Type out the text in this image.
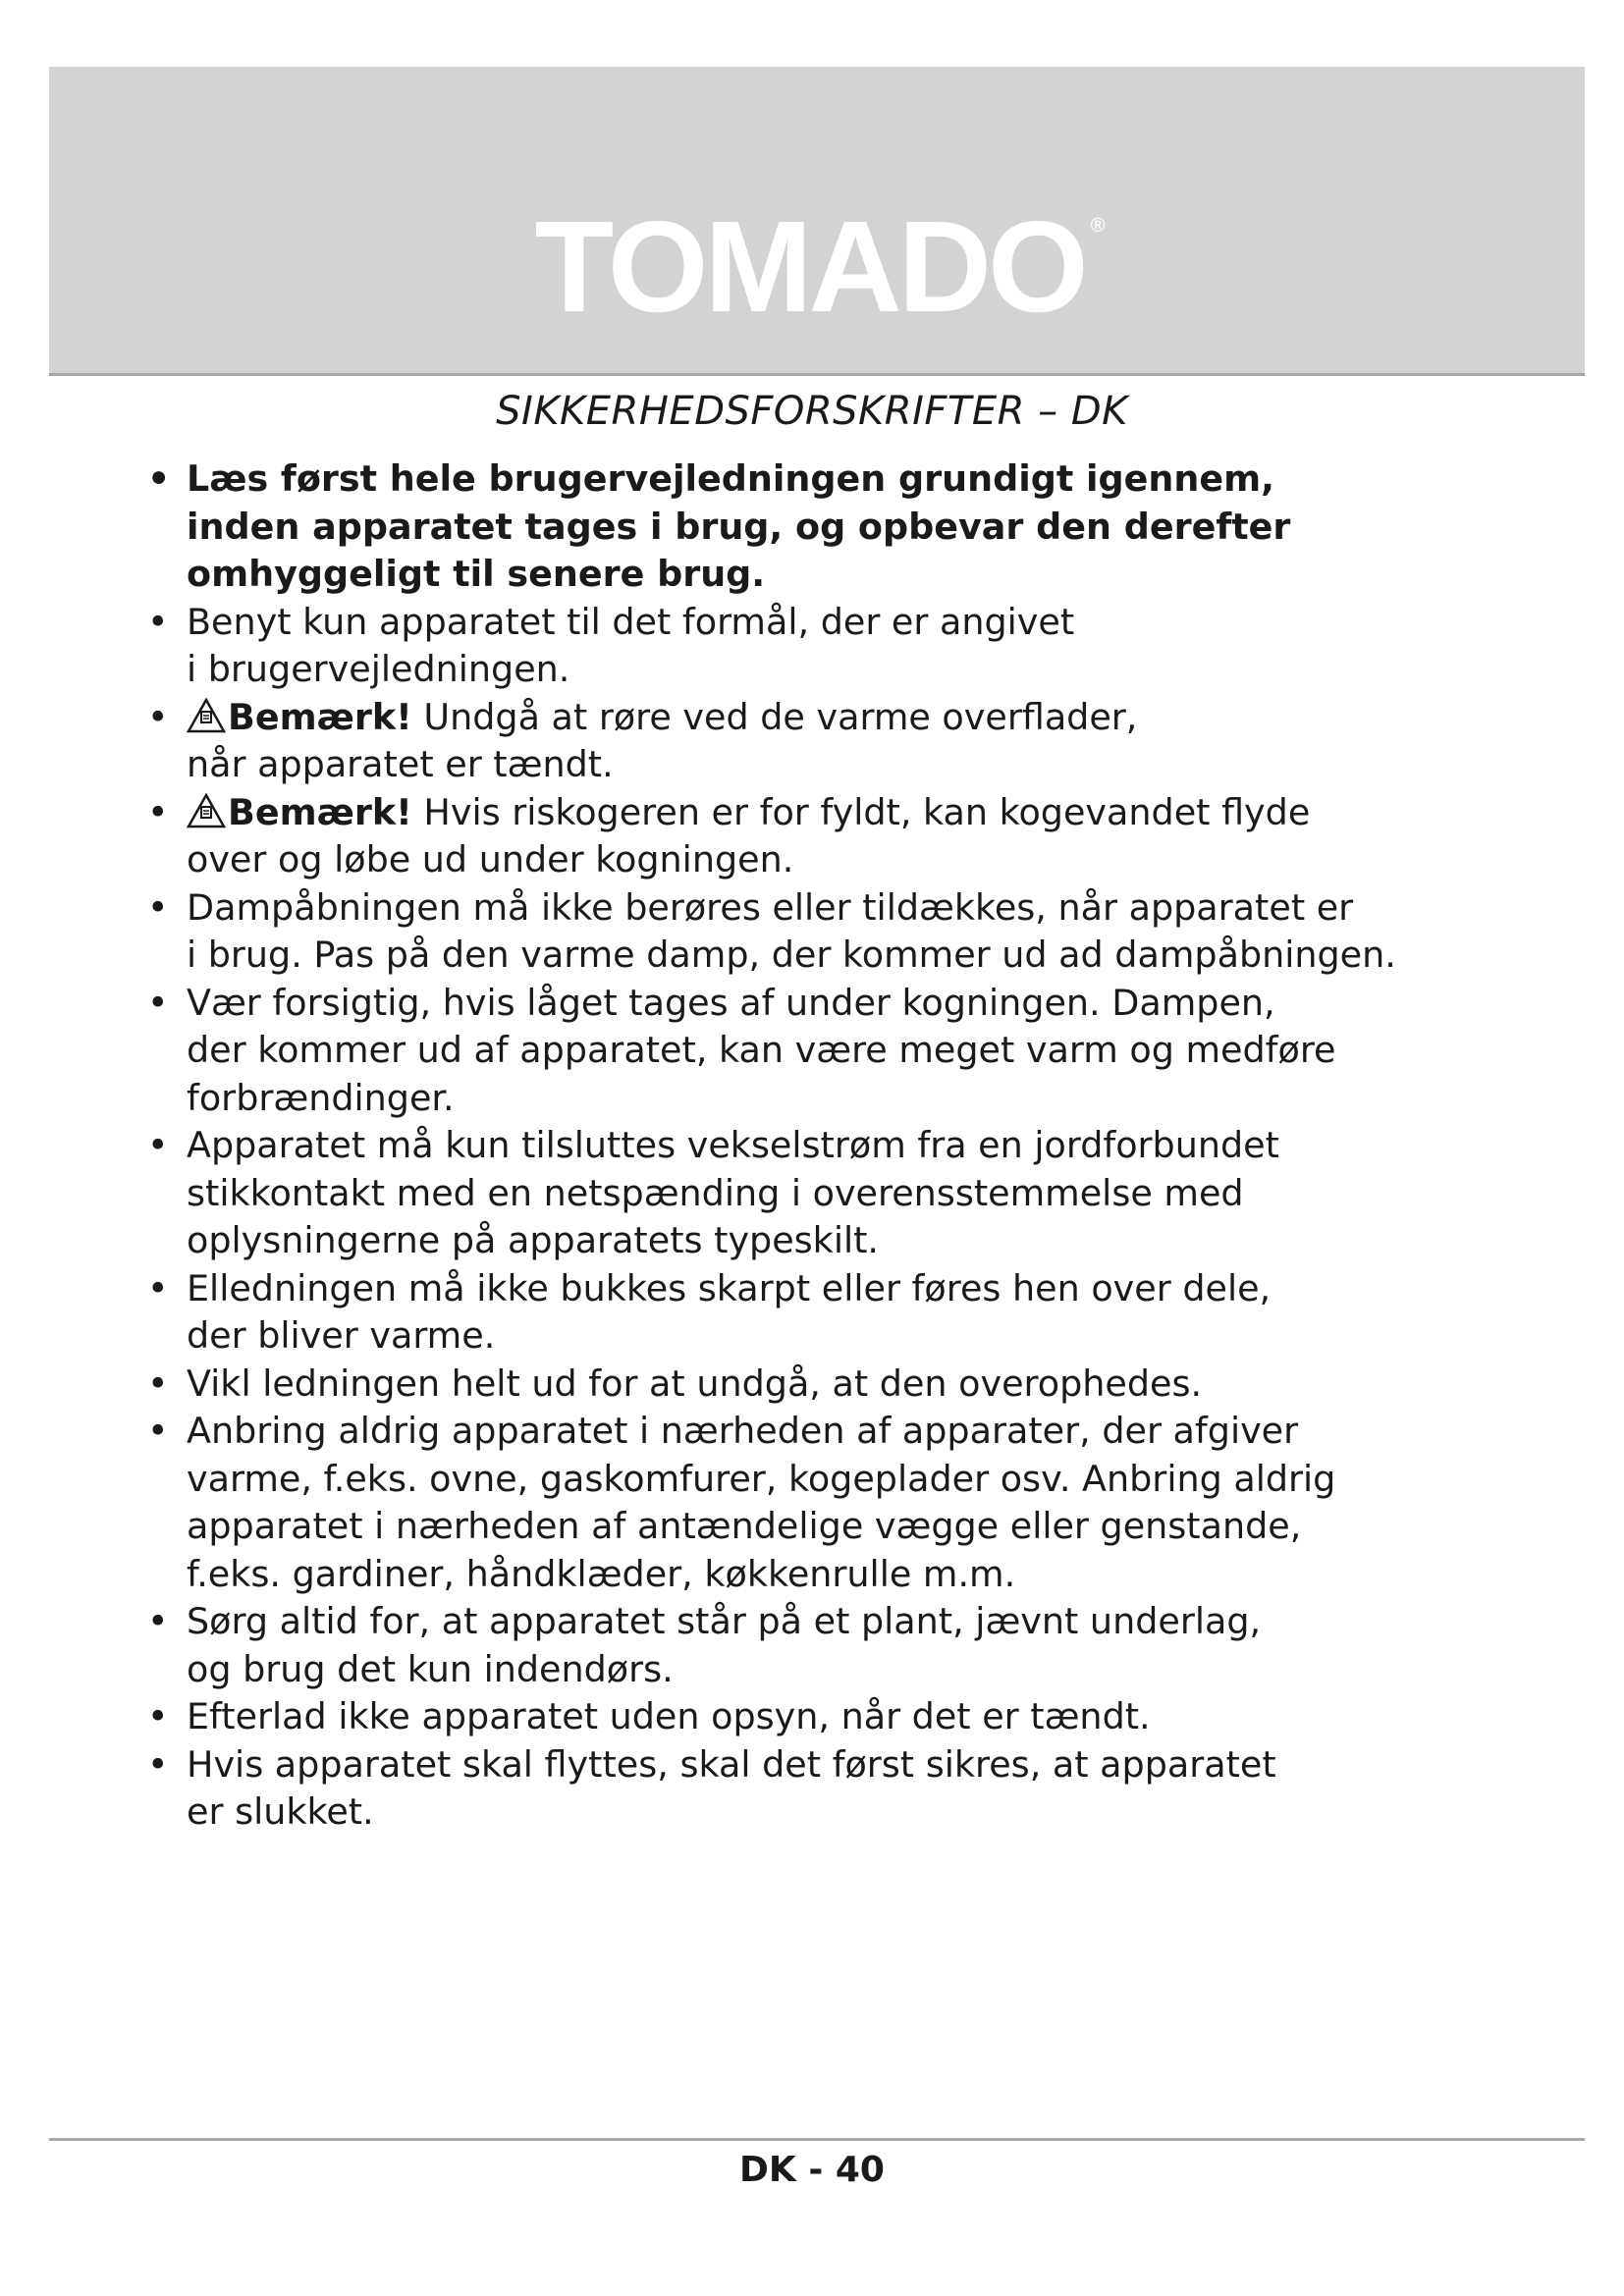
TOMADO ®
SIKKERHEDSFORSKRIFTER – DK
• Læs først hele brugervejledningen grundigt igennem,
inden apparatet tages i brug, og opbevar den derefter
omhyggeligt til senere brug.
• Benyt kun apparatet til det formål, der er angivet
i brugervejledningen.
• Bemærk! Undgå at røre ved de varme overflader,
når apparatet er tændt.
• Bemærk! Hvis riskogeren er for fyldt, kan kogevandet flyde
over og løbe ud under kogningen.
• Dampåbningen må ikke berøres eller tildækkes, når apparatet er
i brug. Pas på den varme damp, der kommer ud ad dampåbningen.
• Vær forsigtig, hvis låget tages af under kogningen. Dampen,
der kommer ud af apparatet, kan være meget varm og medføre
forbrændinger.
• Apparatet må kun tilsluttes vekselstrøm fra en jordforbundet
stikkontakt med en netspænding i overensstemmelse med
oplysningerne på apparatets typeskilt.
• Elledningen må ikke bukkes skarpt eller føres hen over dele,
der bliver varme.
• Vikl ledningen helt ud for at undgå, at den overophedes.
• Anbring aldrig apparatet i nærheden af apparater, der afgiver
varme, f.eks. ovne, gaskomfurer, kogeplader osv. Anbring aldrig
apparatet i nærheden af antændelige vægge eller genstande,
f.eks. gardiner, håndklæder, køkkenrulle m.m.
• Sørg altid for, at apparatet står på et plant, jævnt underlag,
og brug det kun indendørs.
• Efterlad ikke apparatet uden opsyn, når det er tændt.
• Hvis apparatet skal flyttes, skal det først sikres, at apparatet
er slukket.
DK - 40
